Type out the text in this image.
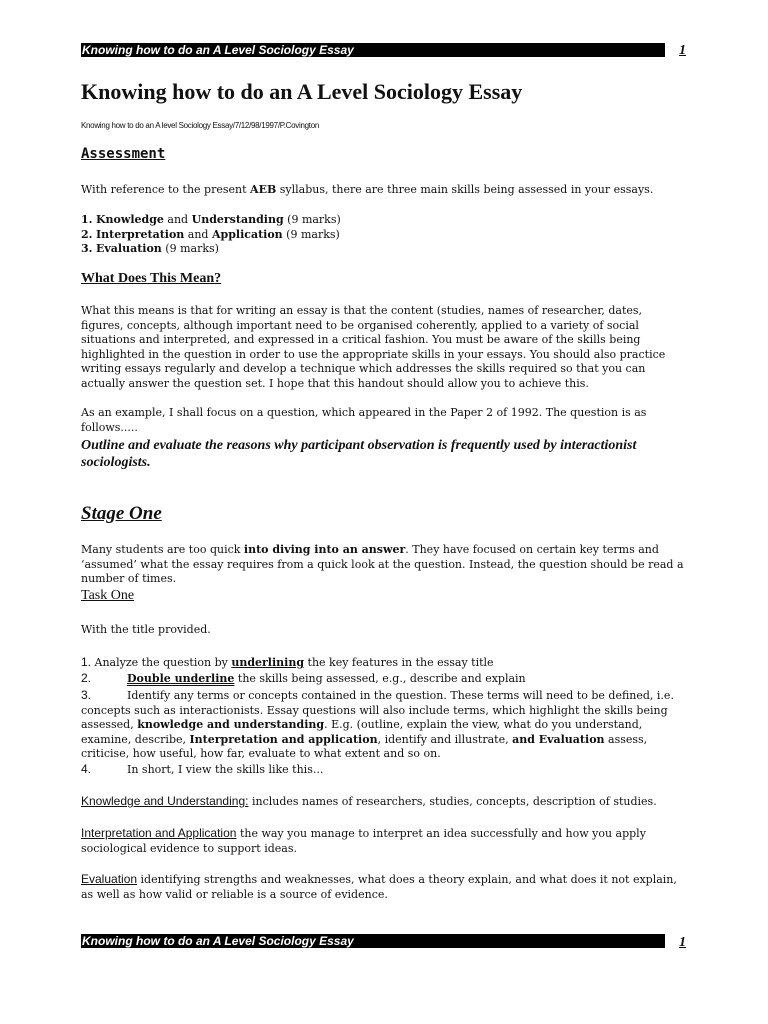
Knowing how to do an A Level Sociology Essay	1
Knowing how to do an A Level Sociology Essay
Knowing how to do an A level Sociology Essay/7/12/98/1997/P.Covington
Assessment
With reference to the present AEB syllabus, there are three main skills being assessed in your essays.
1. Knowledge and Understanding (9 marks)
2. Interpretation and Application (9 marks)
3. Evaluation (9 marks)
What Does This Mean?
What this means is that for writing an essay is that the content (studies, names of researcher, dates, figures, concepts, although important need to be organised coherently, applied to a variety of social situations and interpreted, and expressed in a critical fashion. You must be aware of the skills being highlighted in the question in order to use the appropriate skills in your essays. You should also practice writing essays regularly and develop a technique which addresses the skills required so that you can actually answer the question set. I hope that this handout should allow you to achieve this.
As an example, I shall focus on a question, which appeared in the Paper 2 of 1992. The question is as follows.....
Outline and evaluate the reasons why participant observation is frequently used by interactionist sociologists.
Stage One
Many students are too quick into diving into an answer. They have focused on certain key terms and ‘assumed’ what the essay requires from a quick look at the question. Instead, the question should be read a number of times.
Task One
With the title provided.
1. Analyze the question by underlining the key features in the essay title
2.	Double underline the skills being assessed, e.g., describe and explain
3.	Identify any terms or concepts contained in the question. These terms will need to be defined, i.e. concepts such as interactionists. Essay questions will also include terms, which highlight the skills being assessed, knowledge and understanding. E.g. (outline, explain the view, what do you understand, examine, describe, Interpretation and application, identify and illustrate, and Evaluation assess, criticise, how useful, how far, evaluate to what extent and so on.
4.	In short, I view the skills like this...
Knowledge and Understanding: includes names of researchers, studies, concepts, description of studies.
Interpretation and Application the way you manage to interpret an idea successfully and how you apply sociological evidence to support ideas.
Evaluation identifying strengths and weaknesses, what does a theory explain, and what does it not explain, as well as how valid or reliable is a source of evidence.
Knowing how to do an A Level Sociology Essay	1
